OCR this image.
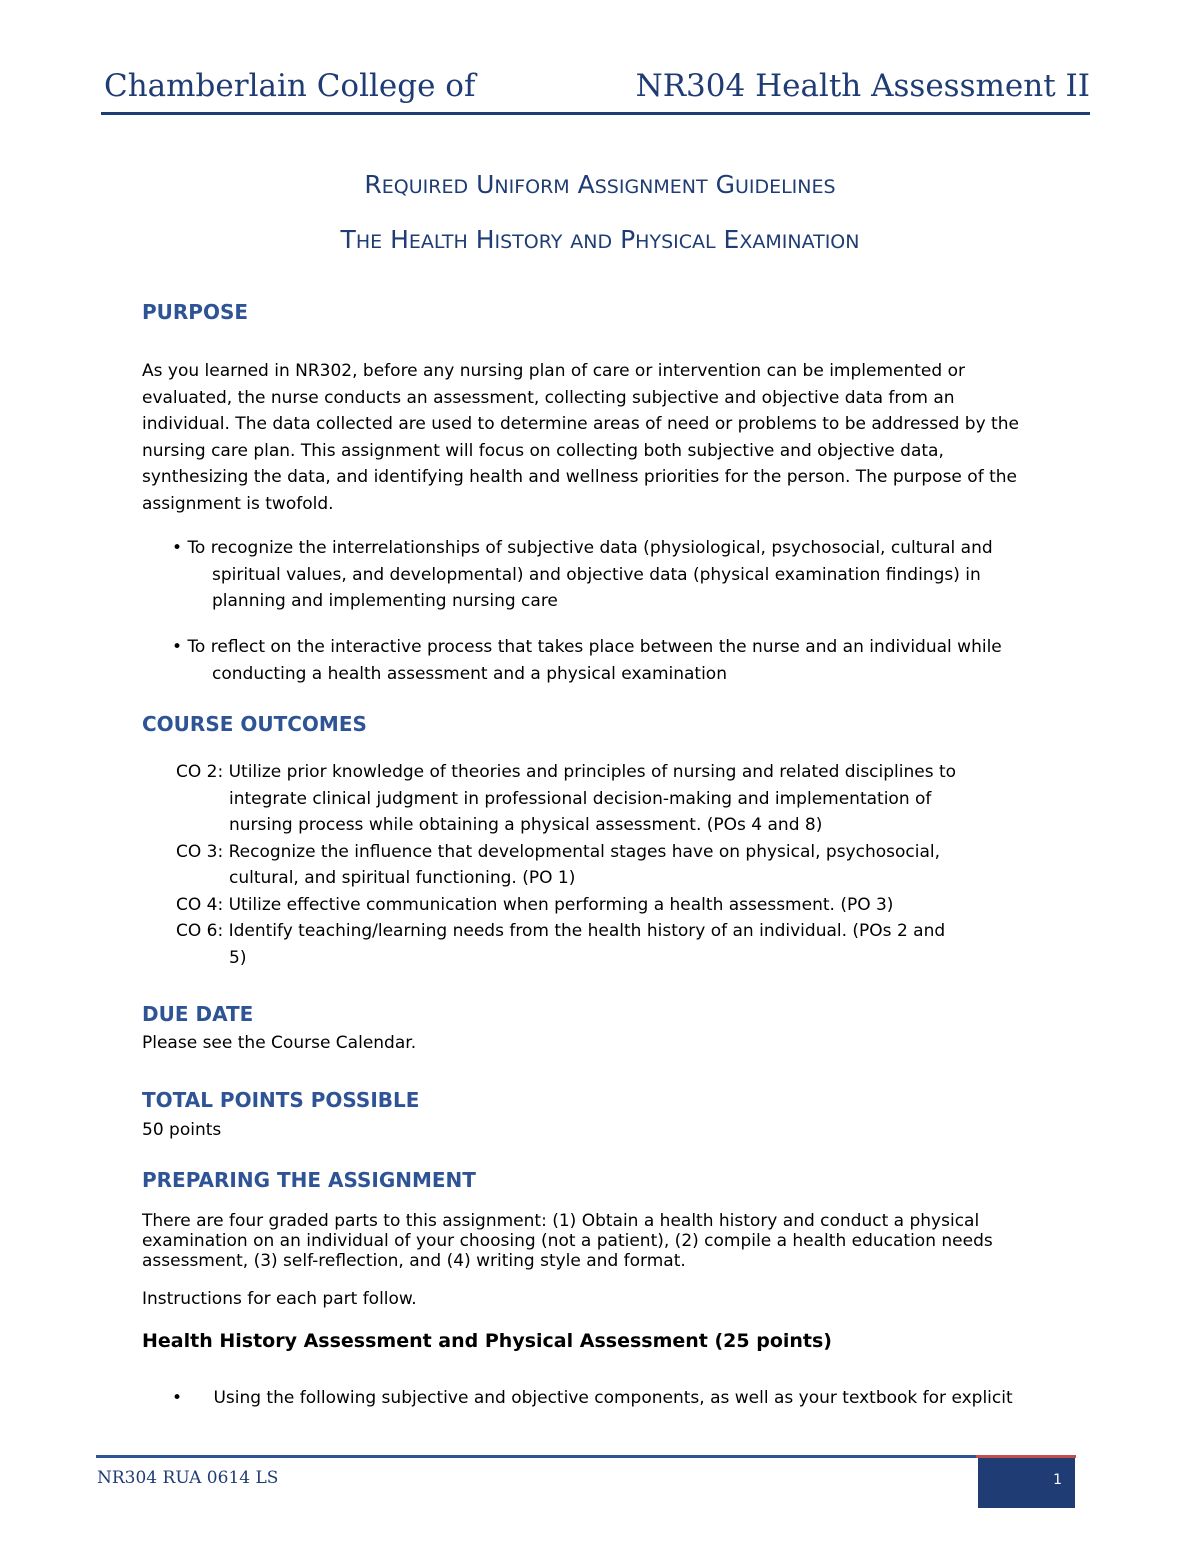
Chamberlain College of	NR304 Health Assessment II
REQUIRED UNIFORM ASSIGNMENT GUIDELINES
THE HEALTH HISTORY AND PHYSICAL EXAMINATION
PURPOSE
As you learned in NR302, before any nursing plan of care or intervention can be implemented or
evaluated, the nurse conducts an assessment, collecting subjective and objective data from an
individual. The data collected are used to determine areas of need or problems to be addressed by the
nursing care plan. This assignment will focus on collecting both subjective and objective data,
synthesizing the data, and identifying health and wellness priorities for the person. The purpose of the
assignment is twofold.
• To recognize the interrelationships of subjective data (physiological, psychosocial, cultural and
spiritual values, and developmental) and objective data (physical examination findings) in
planning and implementing nursing care
• To reflect on the interactive process that takes place between the nurse and an individual while
conducting a health assessment and a physical examination
COURSE OUTCOMES
CO 2: Utilize prior knowledge of theories and principles of nursing and related disciplines to
integrate clinical judgment in professional decision-making and implementation of
nursing process while obtaining a physical assessment. (POs 4 and 8)
CO 3: Recognize the influence that developmental stages have on physical, psychosocial,
cultural, and spiritual functioning. (PO 1)
CO 4: Utilize effective communication when performing a health assessment. (PO 3)
CO 6: Identify teaching/learning needs from the health history of an individual. (POs 2 and
5)
DUE DATE
Please see the Course Calendar.
TOTAL POINTS POSSIBLE
50 points
PREPARING THE ASSIGNMENT
There are four graded parts to this assignment: (1) Obtain a health history and conduct a physical
examination on an individual of your choosing (not a patient), (2) compile a health education needs
assessment, (3) self-reflection, and (4) writing style and format.
Instructions for each part follow.
Health History Assessment and Physical Assessment (25 points)
• Using the following subjective and objective components, as well as your textbook for explicit
NR304 RUA 0614 LS	1
